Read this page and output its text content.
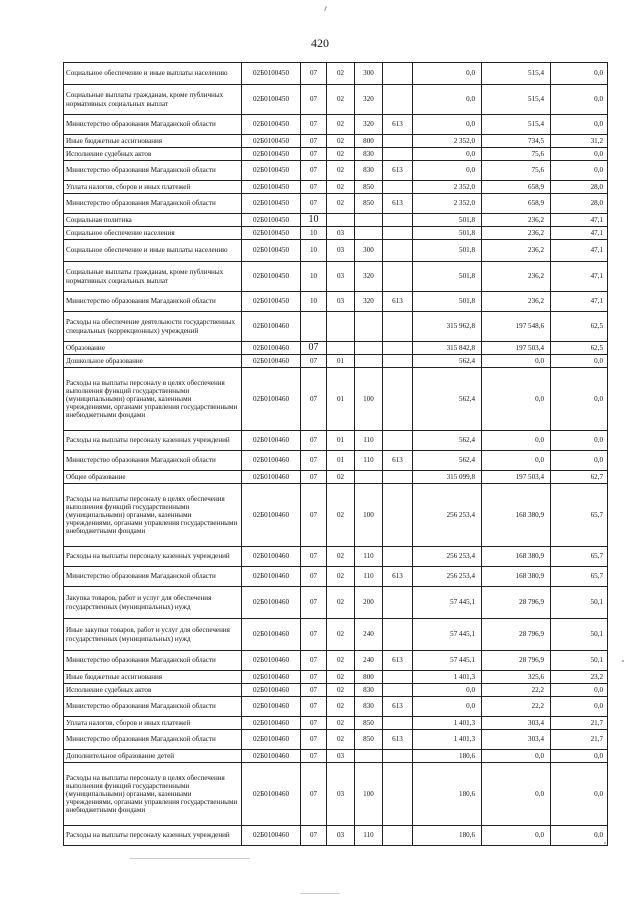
420
Социальное обеспечение и иные выплаты населению	02Б0100450	07	02	300		0,0	515,4	0,0
Социальные выплаты гражданам, кроме публичных нормативных социальных выплат	02Б0100450	07	02	320		0,0	515,4	0,0
Министерство образования Магаданской области	02Б0100450	07	02	320	613	0,0	515,4	0,0
Иные бюджетные ассигнования	02Б0100450	07	02	800		2 352,0	734,5	31,2
Исполнение судебных актов	02Б0100450	07	02	830		0,0	75,6	0,0
Министерство образования Магаданской области	02Б0100450	07	02	830	613	0,0	75,6	0,0
Уплата налогов, сборов и иных платежей	02Б0100450	07	02	850		2 352,0	658,9	28,0
Министерство образования Магаданской области	02Б0100450	07	02	850	613	2 352,0	658,9	28,0
Социальная политика	02Б0100450	10				501,8	236,2	47,1
Социальное обеспечение населения	02Б0100450	10	03			501,8	236,2	47,1
Социальное обеспечение и иные выплаты населению	02Б0100450	10	03	300		501,8	236,2	47,1
Социальные выплаты гражданам, кроме публичных нормативных социальных выплат	02Б0100450	10	03	320		501,8	236,2	47,1
Министерство образования Магаданской области	02Б0100450	10	03	320	613	501,8	236,2	47,1
Расходы на обеспечение деятельности государственных специальных (коррекционных) учреждений	02Б0100460					315 962,8	197 548,6	62,5
Образование	02Б0100460	07				315 842,8	197 503,4	62,5
Дошкольное образование	02Б0100460	07	01			562,4	0,0	0,0
Расходы на выплаты персоналу в целях обеспечения выполнения функций государственными (муниципальными) органами, казенными учреждениями, органами управления государственными внебюджетными фондами	02Б0100460	07	01	100		562,4	0,0	0,0
Расходы на выплаты персоналу казенных учреждений	02Б0100460	07	01	110		562,4	0,0	0,0
Министерство образования Магаданской области	02Б0100460	07	01	110	613	562,4	0,0	0,0
Общее образование	02Б0100460	07	02			315 099,8	197 503,4	62,7
Расходы на выплаты персоналу в целях обеспечения выполнения функций государственными (муниципальными) органами, казенными учреждениями, органами управления государственными внебюджетными фондами	02Б0100460	07	02	100		256 253,4	168 380,9	65,7
Расходы на выплаты персоналу казенных учреждений	02Б0100460	07	02	110		256 253,4	168 380,9	65,7
Министерство образования Магаданской области	02Б0100460	07	02	110	613	256 253,4	168 380,9	65,7
Закупка товаров, работ и услуг для обеспечения государственных (муниципальных) нужд	02Б0100460	07	02	200		57 445,1	28 796,9	50,1
Иные закупки товаров, работ и услуг для обеспечения государственных (муниципальных) нужд	02Б0100460	07	02	240		57 445,1	28 796,9	50,1
Министерство образования Магаданской области	02Б0100460	07	02	240	613	57 445,1	28 796,9	50,1
Иные бюджетные ассигнования	02Б0100460	07	02	800		1 401,3	325,6	23,2
Исполнение судебных актов	02Б0100460	07	02	830		0,0	22,2	0,0
Министерство образования Магаданской области	02Б0100460	07	02	830	613	0,0	22,2	0,0
Уплата налогов, сборов и иных платежей	02Б0100460	07	02	850		1 401,3	303,4	21,7
Министерство образования Магаданской области	02Б0100460	07	02	850	613	1 401,3	303,4	21,7
Дополнительное образование детей	02Б0100460	07	03			180,6	0,0	0,0
Расходы на выплаты персоналу в целях обеспечения выполнения функций государственными (муниципальными) органами, казенными учреждениями, органами управления государственными внебюджетными фондами	02Б0100460	07	03	100		180,6	0,0	0,0
Расходы на выплаты персоналу казенных учреждений	02Б0100460	07	03	110		180,6	0,0	0,0
